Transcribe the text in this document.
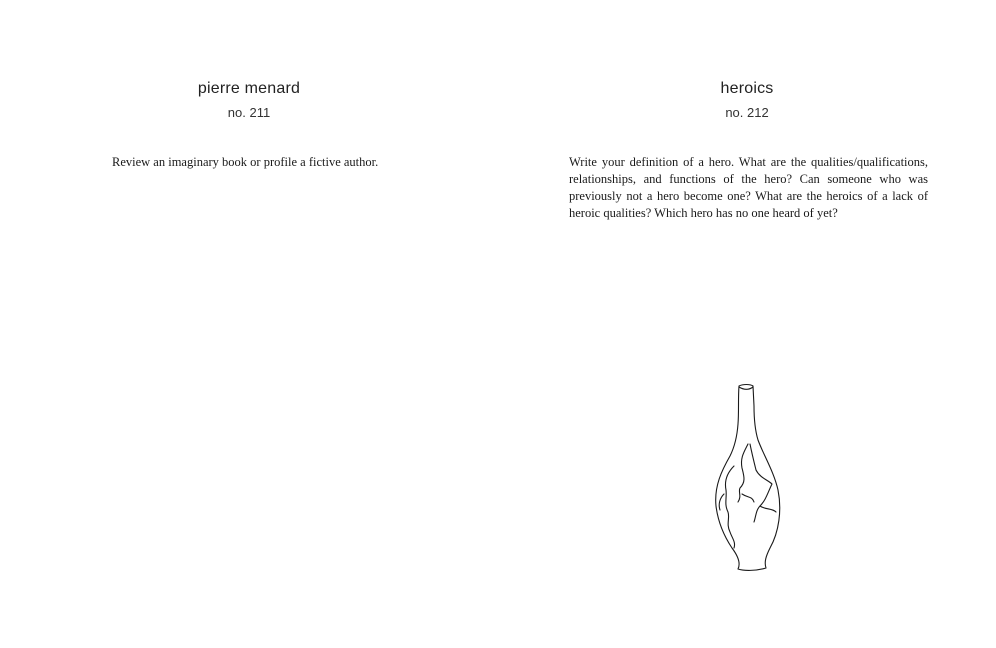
pierre menard
no. 211
Review an imaginary book or profile a fictive author.
heroics
no. 212
Write your definition of a hero. What are the qualities/qualifications, relationships, and functions of the hero? Can someone who was previously not a hero become one? What are the heroics of a lack of heroic qualities? Which hero has no one heard of yet?
